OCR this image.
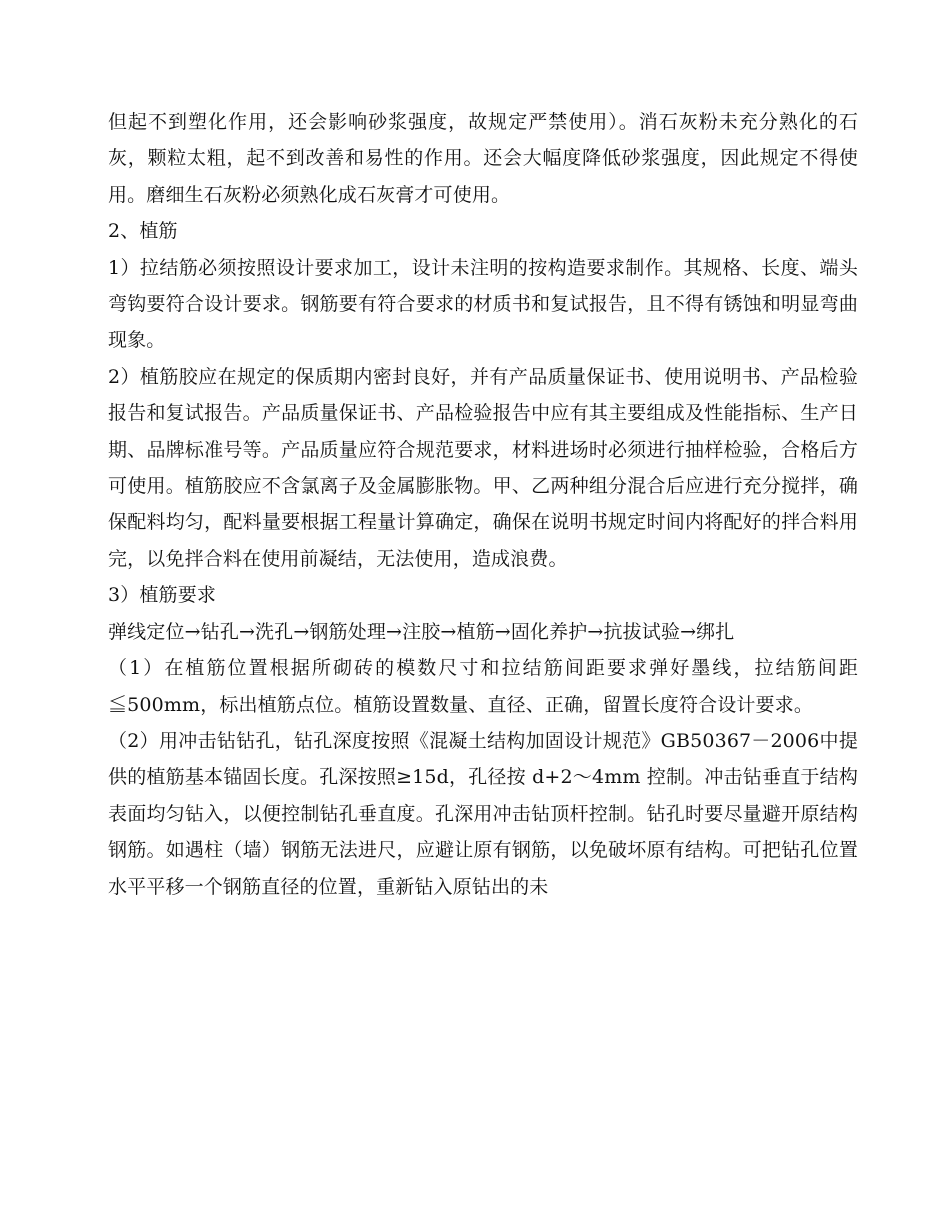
但起不到塑化作用，还会影响砂浆强度，故规定严禁使用）。消石灰粉未充分熟化的石灰，颗粒太粗，起不到改善和易性的作用。还会大幅度降低砂浆强度，因此规定不得使用。磨细生石灰粉必须熟化成石灰膏才可使用。

2、植筋

1）拉结筋必须按照设计要求加工，设计未注明的按构造要求制作。其规格、长度、端头弯钩要符合设计要求。钢筋要有符合要求的材质书和复试报告，且不得有锈蚀和明显弯曲现象。

2）植筋胶应在规定的保质期内密封良好，并有产品质量保证书、使用说明书、产品检验报告和复试报告。产品质量保证书、产品检验报告中应有其主要组成及性能指标、生产日期、品牌标准号等。产品质量应符合规范要求，材料进场时必须进行抽样检验，合格后方可使用。植筋胶应不含氯离子及金属膨胀物。甲、乙两种组分混合后应进行充分搅拌，确保配料均匀，配料量要根据工程量计算确定，确保在说明书规定时间内将配好的拌合料用完，以免拌合料在使用前凝结，无法使用，造成浪费。

3）植筋要求

弹线定位→钻孔→洗孔→钢筋处理→注胶→植筋→固化养护→抗拔试验→绑扎

（1）在植筋位置根据所砌砖的模数尺寸和拉结筋间距要求弹好墨线，拉结筋间距≦500mm，标出植筋点位。植筋设置数量、直径、正确，留置长度符合设计要求。

（2）用冲击钻钻孔，钻孔深度按照《混凝土结构加固设计规范》GB50367－2006中提供的植筋基本锚固长度。孔深按照≥15d，孔径按 d+2～4mm 控制。冲击钻垂直于结构表面均匀钻入，以便控制钻孔垂直度。孔深用冲击钻顶杆控制。钻孔时要尽量避开原结构钢筋。如遇柱（墙）钢筋无法进尺，应避让原有钢筋，以免破坏原有结构。可把钻孔位置水平平移一个钢筋直径的位置，重新钻入原钻出的未
